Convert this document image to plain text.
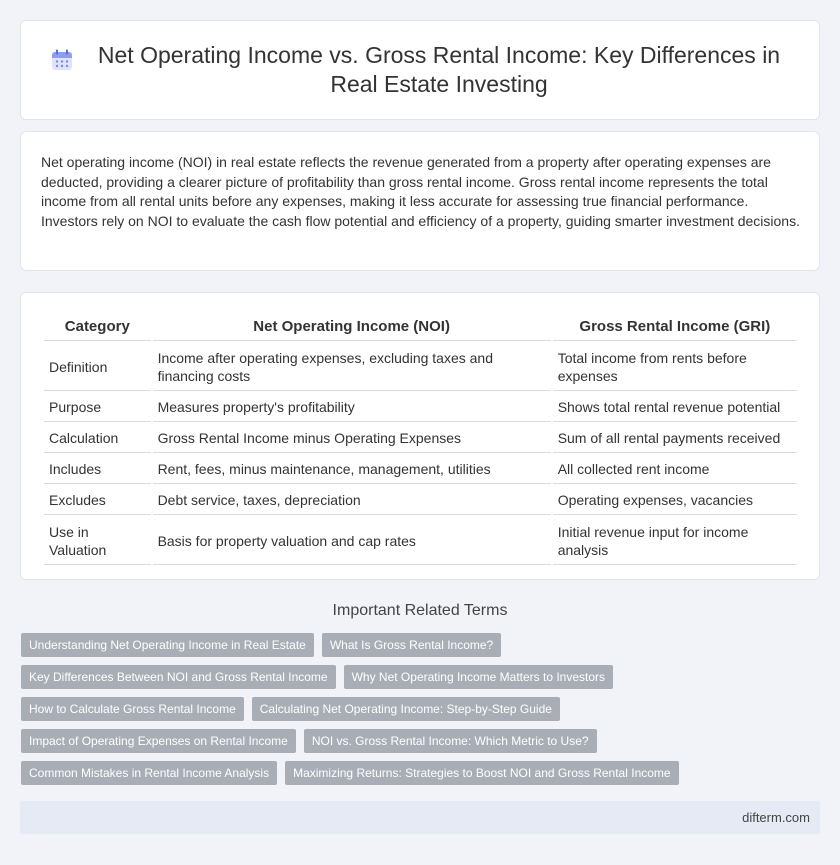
Net Operating Income vs. Gross Rental Income: Key Differences in Real Estate Investing

Net operating income (NOI) in real estate reflects the revenue generated from a property after operating expenses are deducted, providing a clearer picture of profitability than gross rental income. Gross rental income represents the total income from all rental units before any expenses, making it less accurate for assessing true financial performance. Investors rely on NOI to evaluate the cash flow potential and efficiency of a property, guiding smarter investment decisions.

Category	Net Operating Income (NOI)	Gross Rental Income (GRI)
Definition	Income after operating expenses, excluding taxes and financing costs	Total income from rents before expenses
Purpose	Measures property's profitability	Shows total rental revenue potential
Calculation	Gross Rental Income minus Operating Expenses	Sum of all rental payments received
Includes	Rent, fees, minus maintenance, management, utilities	All collected rent income
Excludes	Debt service, taxes, depreciation	Operating expenses, vacancies
Use in Valuation	Basis for property valuation and cap rates	Initial revenue input for income analysis
Important Related Terms
Understanding Net Operating Income in Real Estate	What Is Gross Rental Income?
Key Differences Between NOI and Gross Rental Income	Why Net Operating Income Matters to Investors
How to Calculate Gross Rental Income	Calculating Net Operating Income: Step-by-Step Guide
Impact of Operating Expenses on Rental Income	NOI vs. Gross Rental Income: Which Metric to Use?
Common Mistakes in Rental Income Analysis	Maximizing Returns: Strategies to Boost NOI and Gross Rental Income
difterm.com
